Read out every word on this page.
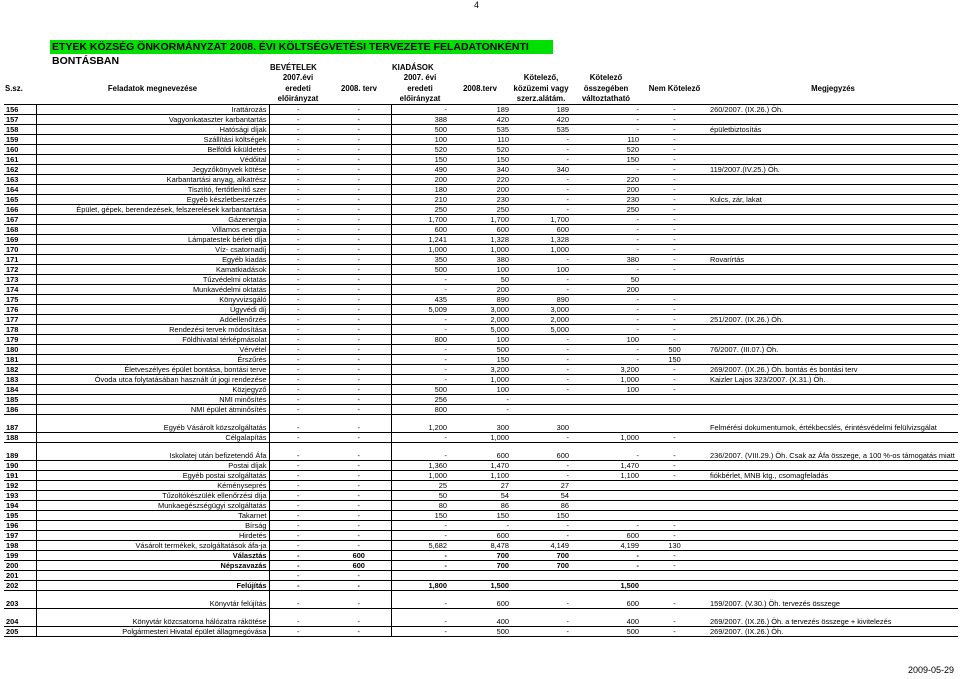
4
ETYEK KÖZSÉG ÖNKORMÁNYZAT 2008. ÉVI KÖLTSÉGVETÉSI TERVEZETE FELADATONKÉNTI BONTÁSBAN
		BEVÉTELEK		KIADÁSOK					
		2007.évi		2007. évi		Kötelező,	Kötelező		
S.sz.	Feladatok megnevezése	eredeti	2008. terv	eredeti	2008.terv	közüzemi vagy	összegében	Nem Kötelező	Megjegyzés
		előirányzat		előirányzat		szerz.alátám.	változtatható		
156	Irattározás	-	-	-	189	189	-	-	260/2007. (IX.26.) Öh.
157	Vagyonkataszter karbantartás	-	-	388	420	420	-	-	
158	Hatósági díjak	-	-	500	535	535	-	-	épületbiztosítás
159	Szállítási költségek	-	-	100	110	-	110	-	
160	Belföldi kiküldetés	-	-	520	520	-	520	-	
161	Védőital	-	-	150	150	-	150	-	
162	Jegyzőkönyvek kötése	-	-	490	340	340	-	-	119/2007.(IV.25.) Öh.
163	Karbantartási anyag, alkatrész	-	-	200	220	-	220	-	
164	Tisztító, fertőtlenítő szer	-	-	180	200	-	200	-	
165	Egyéb készletbeszerzés	-	-	210	230	-	230	-	Kulcs, zár, lakat
166	Épület, gépek, berendezések, felszerelések karbantartása	-	-	250	250	-	250	-	
167	Gázenergia	-	-	1,700	1,700	1,700	-	-	
168	Villamos energia	-	-	600	600	600	-	-	
169	Lámpatestek bérleti díja	-	-	1,241	1,328	1,328	-	-	
170	Víz- csatornadíj	-	-	1,000	1,000	1,000	-	-	
171	Egyéb kiadás	-	-	350	380	-	380	-	Rovarírtás
172	Kamatkiadások	-	-	500	100	100	-	-	
173	Tűzvédelmi oktatás	-	-	-	50	-	50		
174	Munkavédelmi oktatás	-	-	-	200	-	200		
175	Könyvvizsgáló	-	-	435	890	890	-	-	
176	Ügyvédi díj	-	-	5,009	3,000	3,000	-	-	
177	Adóellenőrzés	-	-	-	2,000	2,000	-	-	251/2007. (IX.26.) Öh.
178	Rendezési tervek módosítása	-	-	-	5,000	5,000	-	-	
179	Földhivatal térképmásolat	-	-	800	100	-	100	-	
180	Vérvétel	-	-	-	500	-	-	500	76/2007. (III.07.) Öh.
181	Érszűrés	-	-	-	150	-	-	150	
182	Életveszélyes épület bontása, bontási terve	-	-	-	3,200	-	3,200	-	269/2007. (IX.26.) Öh. bontás és bontási terv
183	Óvoda utca folytatásában használt út jogi rendezése	-	-	-	1,000	-	1,000	-	Kaizler Lajos 323/2007. (X.31.) Öh.
184	Közjegyző	-	-	500	100	-	100	-	
185	NMI minősítés	-	-	256	-				
186	NMI épület átminősítés	-	-	800	-				
187	Egyéb Vásárolt közszolgáltatás	-	-	1,200	300	300			Felmérési dokumentumok, értékbecslés, érintésvédelmi felülvizsgálat
188	Célgalapítás	-	-	-	1,000	-	1,000	-	
189	Iskolatej után befizetendő Áfa	-	-	-	600	600	-	-	236/2007. (VIII.29.) Öh. Csak az Áfa összege, a 100 %-os támogatás miatt
190	Postai díjak	-	-	1,360	1,470	-	1,470	-	
191	Egyéb postai szolgáltatás	-	-	1,000	1,100	-	1,100	-	fiókbérlet, MNB ktg., csomagfeladás
192	Kéményseprés	-	-	25	27	27			
193	Tűzoltókészülék ellenőrzési díja	-	-	50	54	54			
194	Munkaegészségügyi szolgáltatás	-	-	80	86	86			
195	Takarnet	-	-	150	150	150			
196	Bírság	-	-	-	-	-	-	-	
197	Hirdetés	-	-	-	600	-	600	-	
198	Vásárolt termékek, szolgáltatások áfa-ja	-	-	5,682	8,478	4,149	4,199	130	
199	Választás	-	600	-	700	700	-	-	
200	Népszavazás	-	600	-	700	700	-	-	
201		-	-						
202	Felújítás	-	-	1,800	1,500		1,500		
203	Könyvtár felújítás	-	-	-	600	-	600	-	159/2007. (V.30.) Öh. tervezés összege
204	Könyvtár közcsatorna hálózatra rákötése	-	-	-	400	-	400	-	269/2007. (IX.26.) Öh. a tervezés összege + kivitelezés
205	Polgármesteri Hivatal épület állagmegóvása	-	-	-	500	-	500	-	269/2007. (IX.26.) Öh.
2009-05-29
